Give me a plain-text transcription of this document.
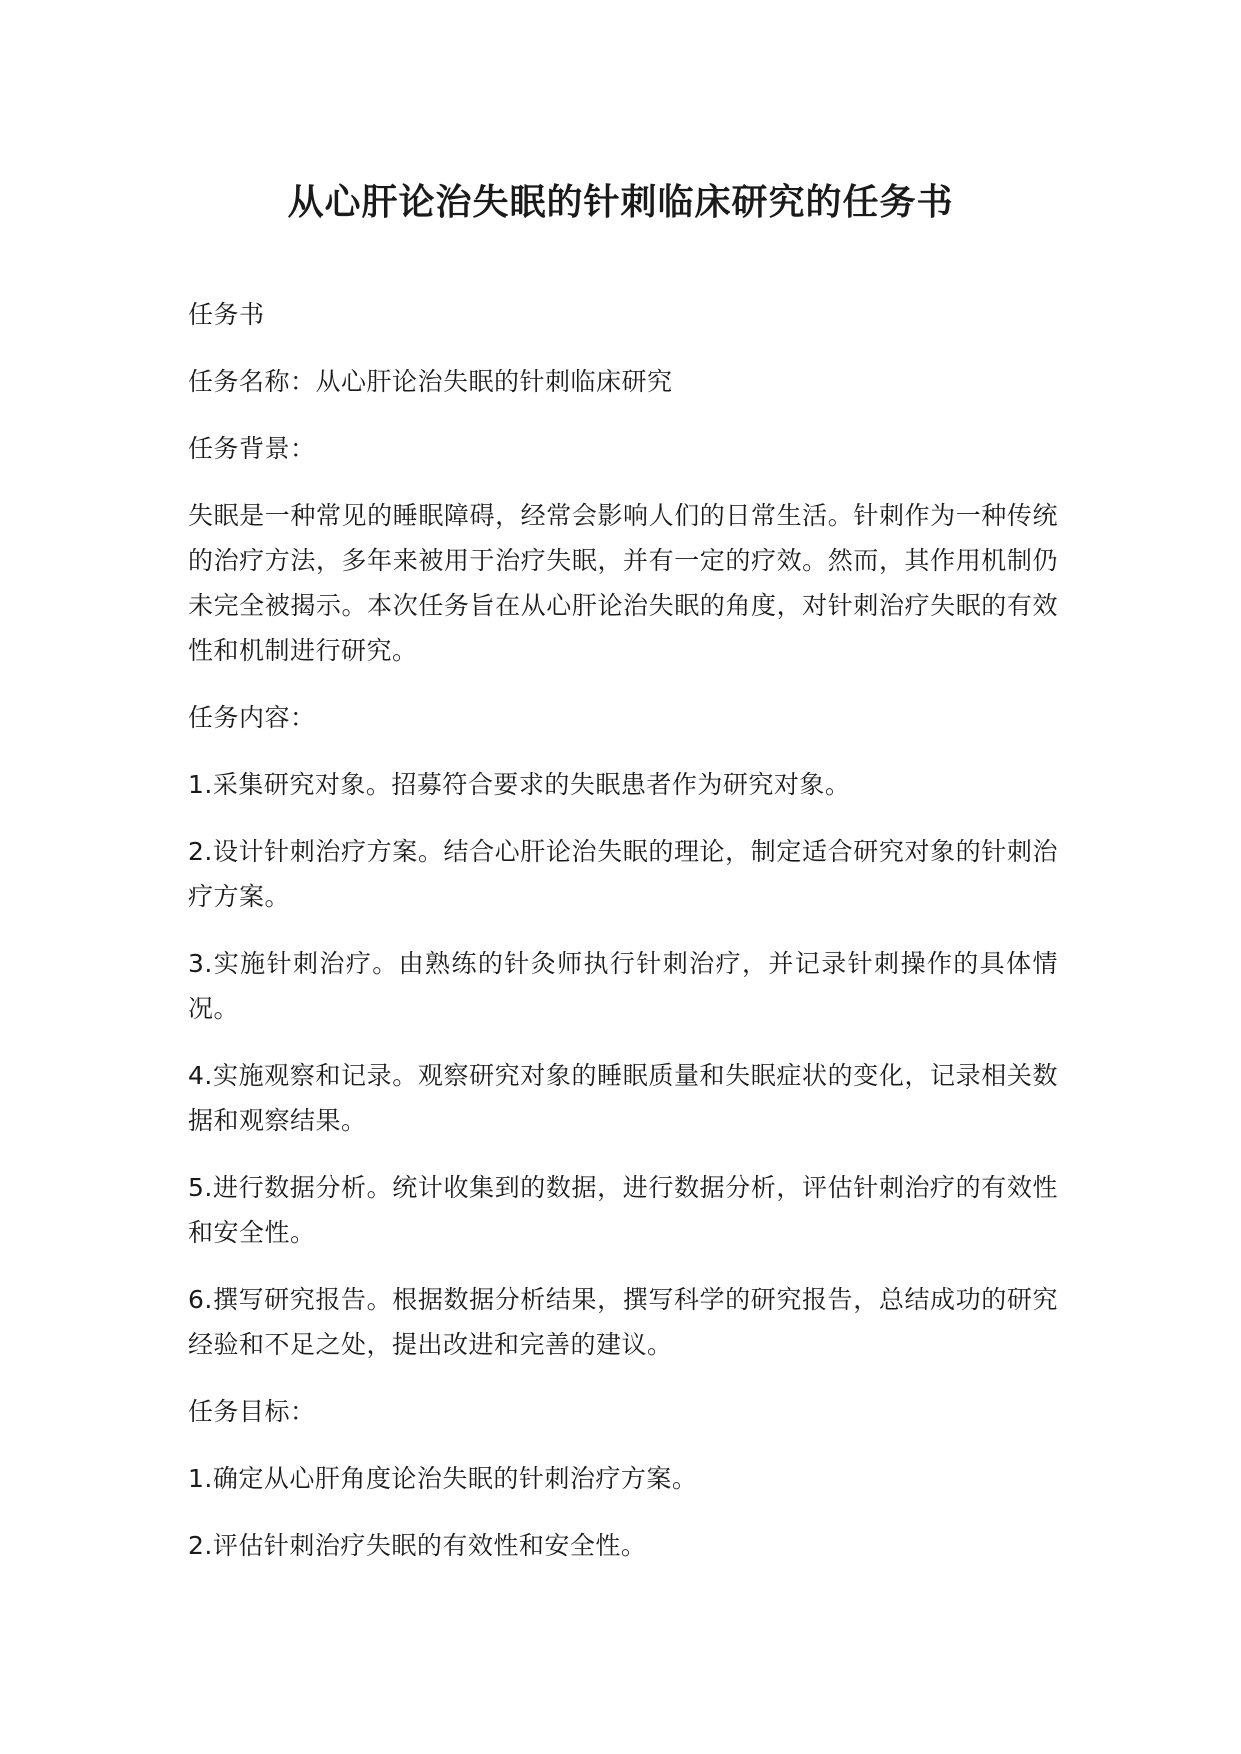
从心肝论治失眠的针刺临床研究的任务书

任务书

任务名称：从心肝论治失眠的针刺临床研究

任务背景：

失眠是一种常见的睡眠障碍，经常会影响人们的日常生活。针刺作为一种传统的治疗方法，多年来被用于治疗失眠，并有一定的疗效。然而，其作用机制仍未完全被揭示。本次任务旨在从心肝论治失眠的角度，对针刺治疗失眠的有效性和机制进行研究。

任务内容：

1.采集研究对象。招募符合要求的失眠患者作为研究对象。

2.设计针刺治疗方案。结合心肝论治失眠的理论，制定适合研究对象的针刺治疗方案。

3.实施针刺治疗。由熟练的针灸师执行针刺治疗，并记录针刺操作的具体情况。

4.实施观察和记录。观察研究对象的睡眠质量和失眠症状的变化，记录相关数据和观察结果。

5.进行数据分析。统计收集到的数据，进行数据分析，评估针刺治疗的有效性和安全性。

6.撰写研究报告。根据数据分析结果，撰写科学的研究报告，总结成功的研究经验和不足之处，提出改进和完善的建议。

任务目标：

1.确定从心肝角度论治失眠的针刺治疗方案。

2.评估针刺治疗失眠的有效性和安全性。
